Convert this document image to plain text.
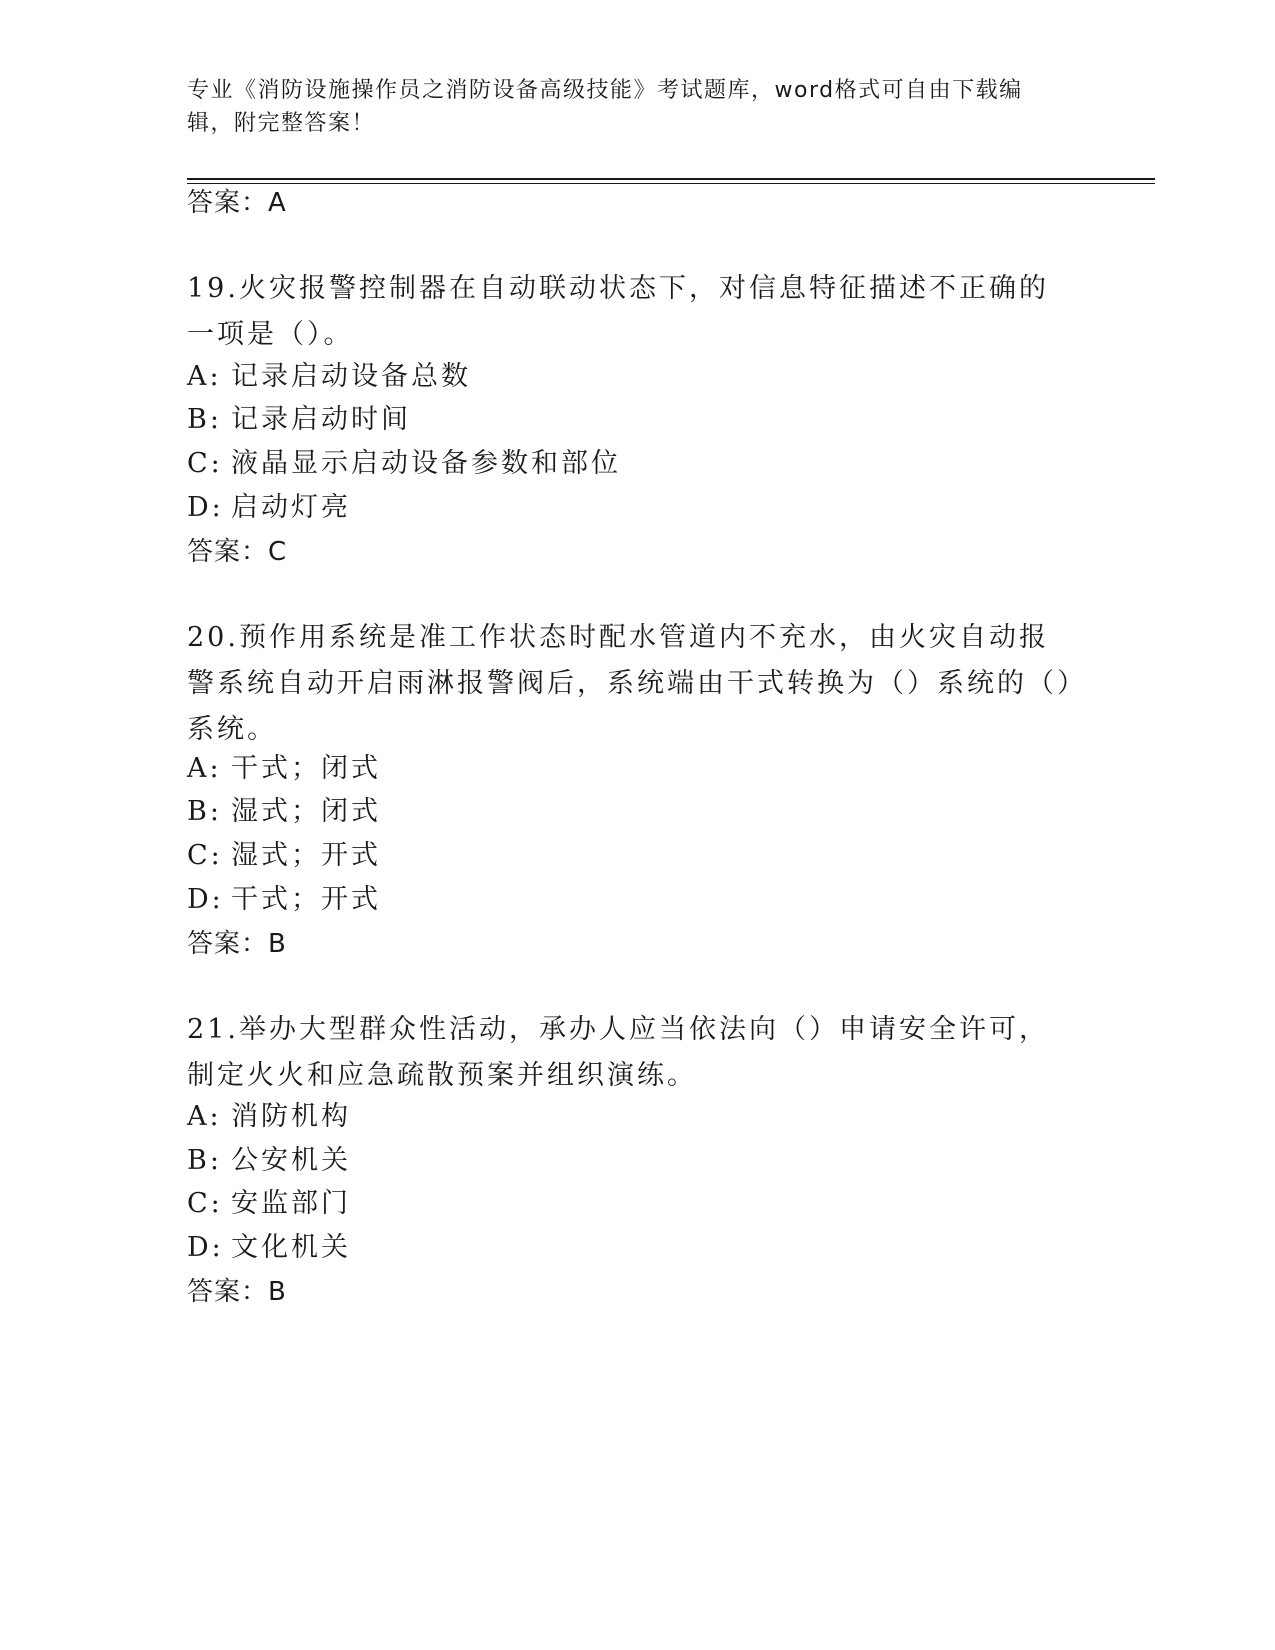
专业《消防设施操作员之消防设备高级技能》考试题库，word格式可自由下载编辑，附完整答案！
答案：A
19.火灾报警控制器在自动联动状态下，对信息特征描述不正确的一项是（）。
A: 记录启动设备总数
B: 记录启动时间
C: 液晶显示启动设备参数和部位
D: 启动灯亮
答案：C
20.预作用系统是准工作状态时配水管道内不充水，由火灾自动报警系统自动开启雨淋报警阀后，系统端由干式转换为（）系统的（）系统。
A: 干式；闭式
B: 湿式；闭式
C: 湿式；开式
D: 干式；开式
答案：B
21.举办大型群众性活动，承办人应当依法向（）申请安全许可，制定火火和应急疏散预案并组织演练。
A: 消防机构
B: 公安机关
C: 安监部门
D: 文化机关
答案：B
